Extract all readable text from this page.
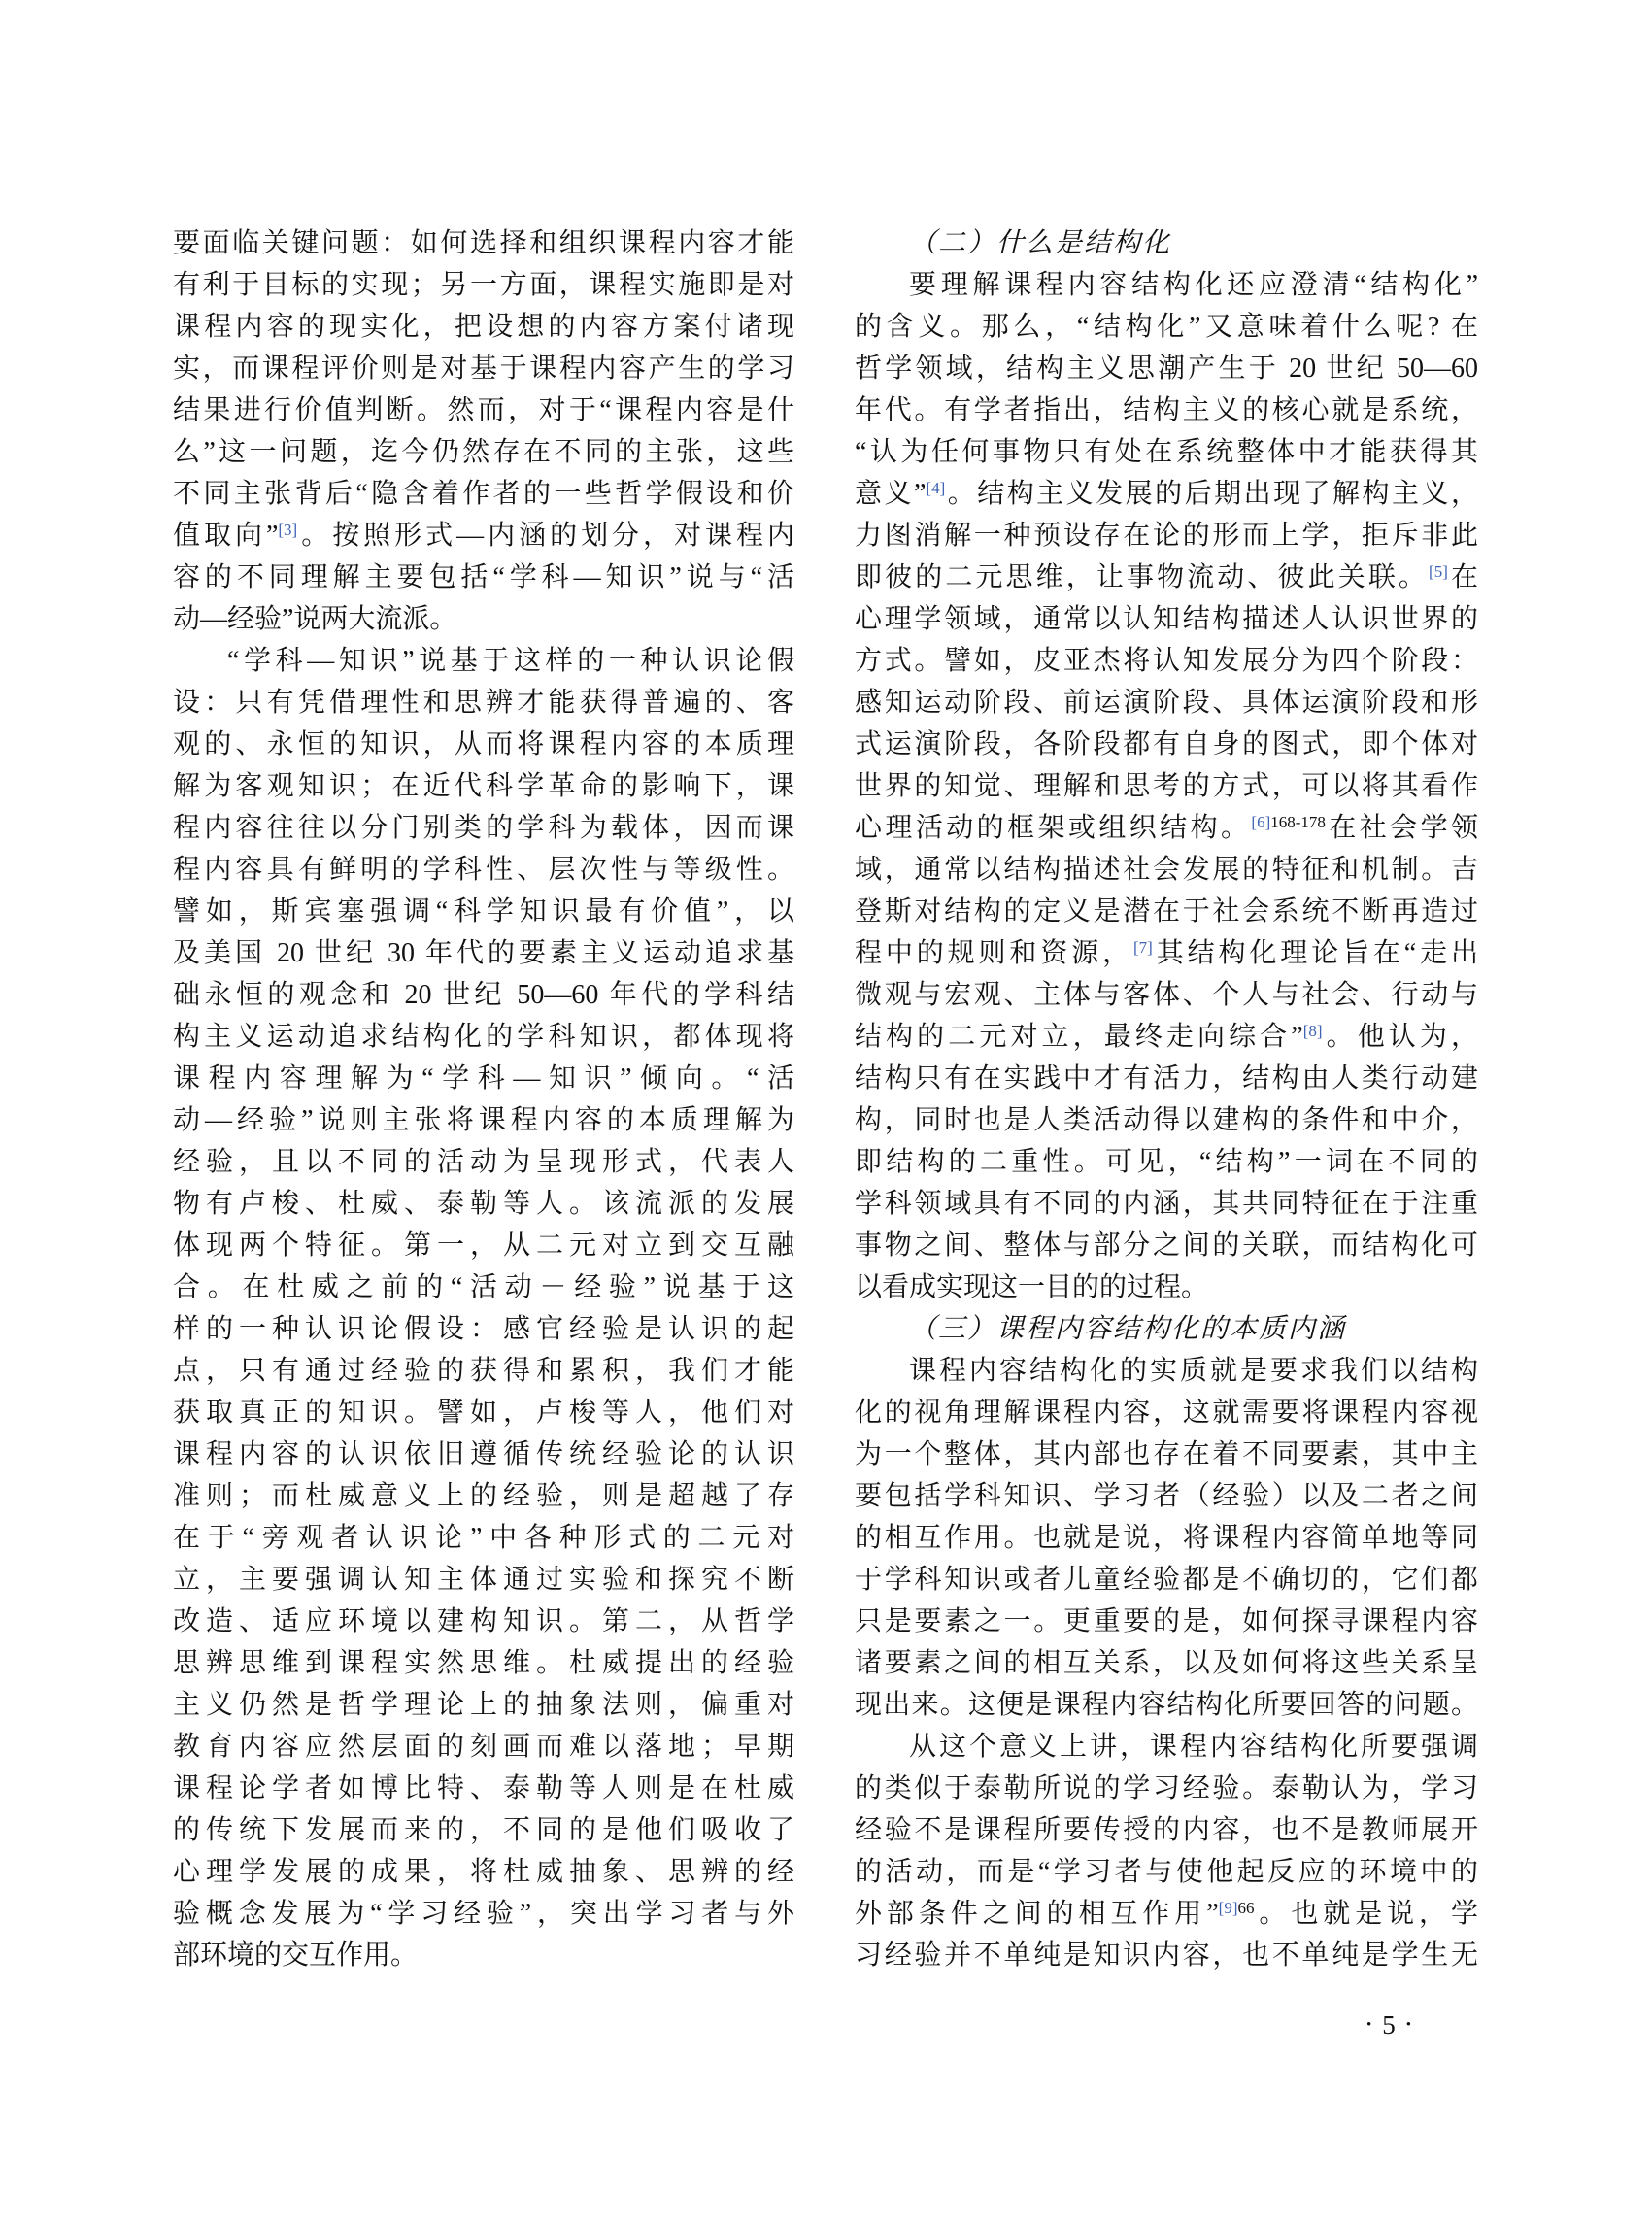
要面临关键问题：如何选择和组织课程内容才能
有利于目标的实现；另一方面，课程实施即是对
课程内容的现实化，把设想的内容方案付诸现
实，而课程评价则是对基于课程内容产生的学习
结果进行价值判断。然而，对于“课程内容是什
么”这一问题，迄今仍然存在不同的主张，这些
不同主张背后“隐含着作者的一些哲学假设和价
值取向”[3]。按照形式—内涵的划分，对课程内
容的不同理解主要包括“学科—知识”说与“活
动—经验”说两大流派。
“学科—知识”说基于这样的一种认识论假
设：只有凭借理性和思辨才能获得普遍的、客
观的、永恒的知识，从而将课程内容的本质理
解为客观知识；在近代科学革命的影响下，课
程内容往往以分门别类的学科为载体，因而课
程内容具有鲜明的学科性、层次性与等级性。
譬如，斯宾塞强调“科学知识最有价值”，以
及美国 20 世纪 30 年代的要素主义运动追求基
础永恒的观念和 20 世纪 50—60 年代的学科结
构主义运动追求结构化的学科知识，都体现将
课程内容理解为“学科—知识”倾向。“活
动—经验”说则主张将课程内容的本质理解为
经验，且以不同的活动为呈现形式，代表人
物有卢梭、杜威、泰勒等人。该流派的发展
体现两个特征。第一，从二元对立到交互融
合。在杜威之前的“活动－经验”说基于这
样的一种认识论假设：感官经验是认识的起
点，只有通过经验的获得和累积，我们才能
获取真正的知识。譬如，卢梭等人，他们对
课程内容的认识依旧遵循传统经验论的认识
准则；而杜威意义上的经验，则是超越了存
在于“旁观者认识论”中各种形式的二元对
立，主要强调认知主体通过实验和探究不断
改造、适应环境以建构知识。第二，从哲学
思辨思维到课程实然思维。杜威提出的经验
主义仍然是哲学理论上的抽象法则，偏重对
教育内容应然层面的刻画而难以落地；早期
课程论学者如博比特、泰勒等人则是在杜威
的传统下发展而来的，不同的是他们吸收了
心理学发展的成果，将杜威抽象、思辨的经
验概念发展为“学习经验”，突出学习者与外
部环境的交互作用。
（二）什么是结构化
要理解课程内容结构化还应澄清“结构化”
的含义。那么，“结构化”又意味着什么呢? 在
哲学领域，结构主义思潮产生于 20 世纪 50—60
年代。有学者指出，结构主义的核心就是系统，
“认为任何事物只有处在系统整体中才能获得其
意义”[4]。结构主义发展的后期出现了解构主义，
力图消解一种预设存在论的形而上学，拒斥非此
即彼的二元思维，让事物流动、彼此关联。[5]在
心理学领域，通常以认知结构描述人认识世界的
方式。譬如，皮亚杰将认知发展分为四个阶段：
感知运动阶段、前运演阶段、具体运演阶段和形
式运演阶段，各阶段都有自身的图式，即个体对
世界的知觉、理解和思考的方式，可以将其看作
心理活动的框架或组织结构。$^{[6]168-178}$在社会学领
域，通常以结构描述社会发展的特征和机制。吉
登斯对结构的定义是潜在于社会系统不断再造过
程中的规则和资源，[7]其结构化理论旨在“走出
微观与宏观、主体与客体、个人与社会、行动与
结构的二元对立，最终走向综合”[8]。他认为，
结构只有在实践中才有活力，结构由人类行动建
构，同时也是人类活动得以建构的条件和中介，
即结构的二重性。可见，“结构”一词在不同的
学科领域具有不同的内涵，其共同特征在于注重
事物之间、整体与部分之间的关联，而结构化可
以看成实现这一目的的过程。
（三）课程内容结构化的本质内涵
课程内容结构化的实质就是要求我们以结构
化的视角理解课程内容，这就需要将课程内容视
为一个整体，其内部也存在着不同要素，其中主
要包括学科知识、学习者（经验）以及二者之间
的相互作用。也就是说，将课程内容简单地等同
于学科知识或者儿童经验都是不确切的，它们都
只是要素之一。更重要的是，如何探寻课程内容
诸要素之间的相互关系，以及如何将这些关系呈
现出来。这便是课程内容结构化所要回答的问题。
从这个意义上讲，课程内容结构化所要强调
的类似于泰勒所说的学习经验。泰勒认为，学习
经验不是课程所要传授的内容，也不是教师展开
的活动，而是“学习者与使他起反应的环境中的
外部条件之间的相互作用”$^{[9]66}$。也就是说，学
习经验并不单纯是知识内容，也不单纯是学生无
• 5 •
